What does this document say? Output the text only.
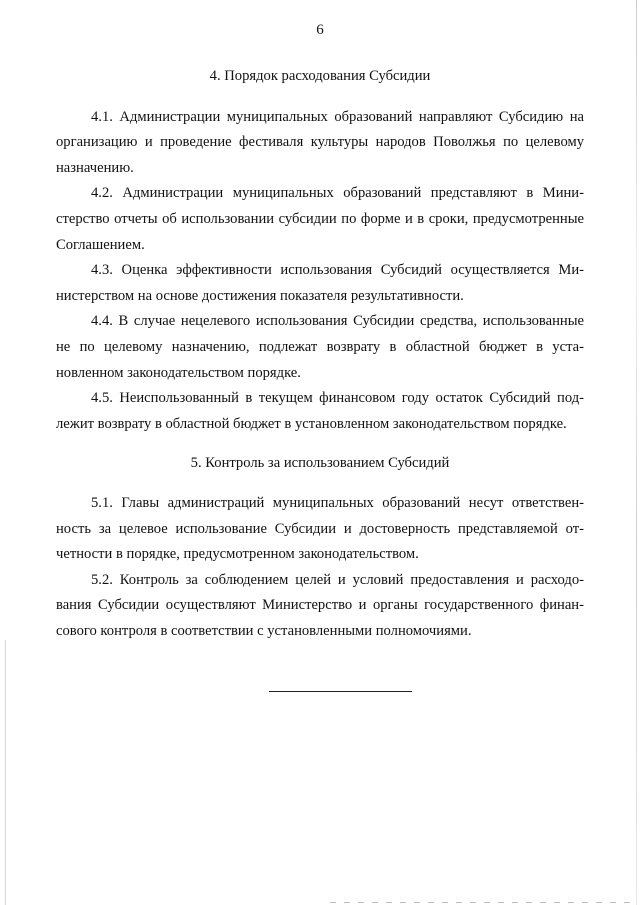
6
4. Порядок расходования Субсидии

4.1. Администрации муниципальных образований направляют Субсидию на организацию и проведение фестиваля культуры народов Поволжья по целевому назначению.

4.2. Администрации муниципальных образований представляют в Министерство отчеты об использовании субсидии по форме и в сроки, предусмотренные Соглашением.

4.3. Оценка эффективности использования Субсидий осуществляется Министерством на основе достижения показателя результативности.

4.4. В случае нецелевого использования Субсидии средства, использованные не по целевому назначению, подлежат возврату в областной бюджет в установленном законодательством порядке.

4.5. Неиспользованный в текущем финансовом году остаток Субсидий подлежит возврату в областной бюджет в установленном законодательством порядке.

5. Контроль за использованием Субсидий

5.1. Главы администраций муниципальных образований несут ответственность за целевое использование Субсидии и достоверность представляемой отчетности в порядке, предусмотренном законодательством.

5.2. Контроль за соблюдением целей и условий предоставления и расходования Субсидии осуществляют Министерство и органы государственного финансового контроля в соответствии с установленными полномочиями.
